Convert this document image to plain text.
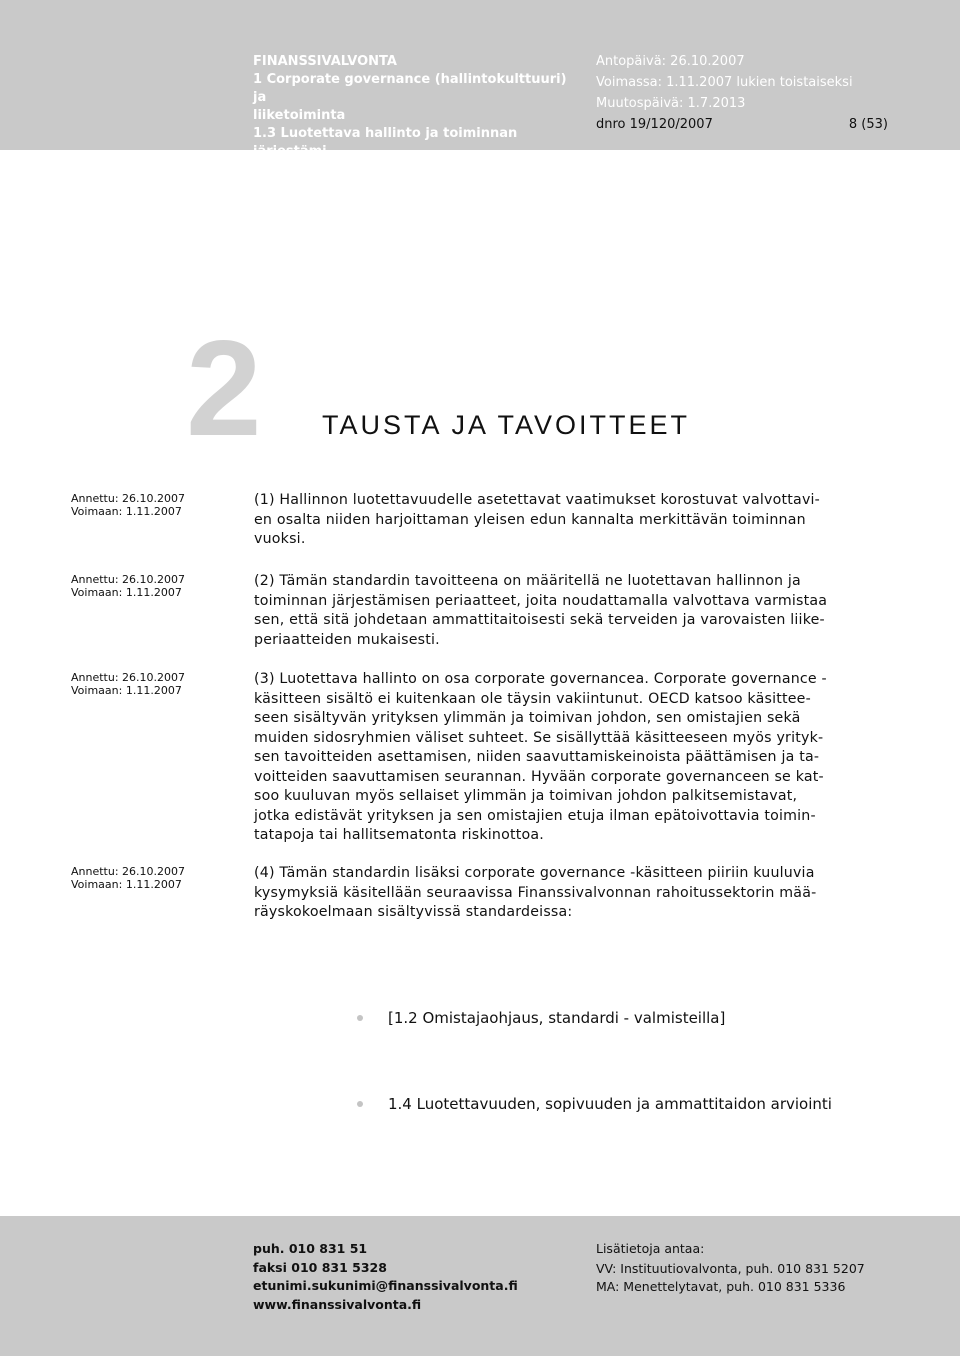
FINANSSIVALVONTA
1 Corporate governance (hallintokulttuuri) ja
liiketoiminta
1.3 Luotettava hallinto ja toiminnan järjestämi-
nen
Antopäivä: 26.10.2007
Voimassa: 1.11.2007 lukien toistaiseksi
Muutospäivä: 1.7.2013
dnro 19/120/2007	8 (53)
2 TAUSTA JA TAVOITTEET
Annettu: 26.10.2007
Voimaan: 1.11.2007
Annettu: 26.10.2007
Voimaan: 1.11.2007
Annettu: 26.10.2007
Voimaan: 1.11.2007
Annettu: 26.10.2007
Voimaan: 1.11.2007
(1) Hallinnon luotettavuudelle asetettavat vaatimukset korostuvat valvottavi-
en osalta niiden harjoittaman yleisen edun kannalta merkittävän toiminnan
vuoksi.
(2) Tämän standardin tavoitteena on määritellä ne luotettavan hallinnon ja
toiminnan järjestämisen periaatteet, joita noudattamalla valvottava varmistaa
sen, että sitä johdetaan ammattitaitoisesti sekä terveiden ja varovaisten liike-
periaatteiden mukaisesti.
(3) Luotettava hallinto on osa corporate governancea. Corporate governance -
käsitteen sisältö ei kuitenkaan ole täysin vakiintunut. OECD katsoo käsittee-
seen sisältyvän yrityksen ylimmän ja toimivan johdon, sen omistajien sekä
muiden sidosryhmien väliset suhteet. Se sisällyttää käsitteeseen myös yrityk-
sen tavoitteiden asettamisen, niiden saavuttamiskeinoista päättämisen ja ta-
voitteiden saavuttamisen seurannan. Hyvään corporate governanceen se kat-
soo kuuluvan myös sellaiset ylimmän ja toimivan johdon palkitsemistavat,
jotka edistävät yrityksen ja sen omistajien etuja ilman epätoivottavia toimin-
tatapoja tai hallitsematonta riskinottoa.
(4) Tämän standardin lisäksi corporate governance -käsitteen piiriin kuuluvia
kysymyksiä käsitellään seuraavissa Finanssivalvonnan rahoitussektorin mää-
räyskokoelmaan sisältyvissä standardeissa:
[1.2 Omistajaohjaus, standardi - valmisteilla]
1.4 Luotettavuuden, sopivuuden ja ammattitaidon arviointi
puh. 010 831 51
faksi 010 831 5328
etunimi.sukunimi@finanssivalvonta.fi
www.finanssivalvonta.fi
Lisätietoja antaa:
VV: Instituutiovalvonta, puh. 010 831 5207
MA: Menettelytavat, puh. 010 831 5336
